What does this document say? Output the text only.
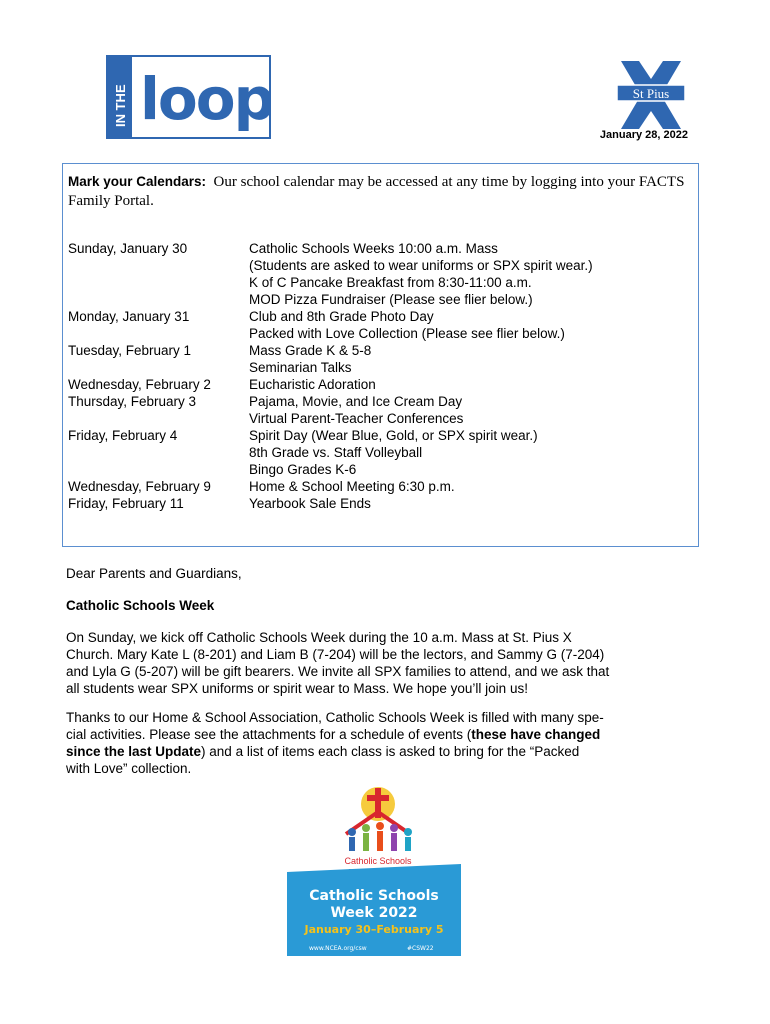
IN THE loop	St Pius
January 28, 2022
Mark your Calendars: Our school calendar may be accessed at any time by logging into your FACTS Family Portal.
Sunday, January 30
Monday, January 31
Tuesday, February 1
Wednesday, February 2
Thursday, February 3
Friday, February 4
Wednesday, February 9
Friday, February 11
Catholic Schools Weeks 10:00 a.m. Mass
(Students are asked to wear uniforms or SPX spirit wear.)
K of C Pancake Breakfast from 8:30-11:00 a.m.
MOD Pizza Fundraiser (Please see flier below.)
Club and 8th Grade Photo Day
Packed with Love Collection (Please see flier below.)
Mass Grade K & 5-8
Seminarian Talks
Eucharistic Adoration
Pajama, Movie, and Ice Cream Day
Virtual Parent-Teacher Conferences
Spirit Day (Wear Blue, Gold, or SPX spirit wear.)
8th Grade vs. Staff Volleyball
Bingo Grades K-6
Home & School Meeting 6:30 p.m.
Yearbook Sale Ends
Dear Parents and Guardians,
Catholic Schools Week
On Sunday, we kick off Catholic Schools Week during the 10 a.m. Mass at St. Pius X
Church. Mary Kate L (8-201) and Liam B (7-204) will be the lectors, and Sammy G (7-204)
and Lyla G (5-207) will be gift bearers. We invite all SPX families to attend, and we ask that
all students wear SPX uniforms or spirit wear to Mass. We hope you’ll join us!
Thanks to our Home & School Association, Catholic Schools Week is filled with many spe-
cial activities. Please see the attachments for a schedule of events (these have changed
since the last Update) and a list of items each class is asked to bring for the “Packed
with Love” collection.
Catholic Schools
Catholic Schools
Week 2022
January 30–February 5
www.NCEA.org/csw	#CSW22
